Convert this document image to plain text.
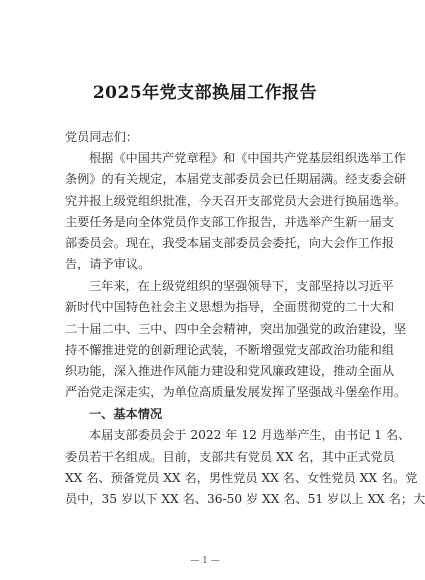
2025年党支部换届工作报告
党员同志们：
根据《中国共产党章程》和《中国共产党基层组织选举工作
条例》的有关规定，本届党支部委员会已任期届满。经支委会研
究并报上级党组织批准，今天召开支部党员大会进行换届选举。
主要任务是向全体党员作支部工作报告，并选举产生新一届支
部委员会。现在，我受本届支部委员会委托，向大会作工作报
告，请予审议。
三年来，在上级党组织的坚强领导下，支部坚持以习近平
新时代中国特色社会主义思想为指导，全面贯彻党的二十大和
二十届二中、三中、四中全会精神，突出加强党的政治建设，坚
持不懈推进党的创新理论武装，不断增强党支部政治功能和组
织功能，深入推进作风能力建设和党风廉政建设，推动全面从
严治党走深走实，为单位高质量发展发挥了坚强战斗堡垒作用。
一、基本情况
本届支部委员会于 2022 年 12 月选举产生，由书记 1 名、
委员若干名组成。目前，支部共有党员 XX 名，其中正式党员
XX 名、预备党员 XX 名，男性党员 XX 名、女性党员 XX 名。党
员中，35 岁以下 XX 名、36-50 岁 XX 名、51 岁以上 XX 名；大
— 1 —
